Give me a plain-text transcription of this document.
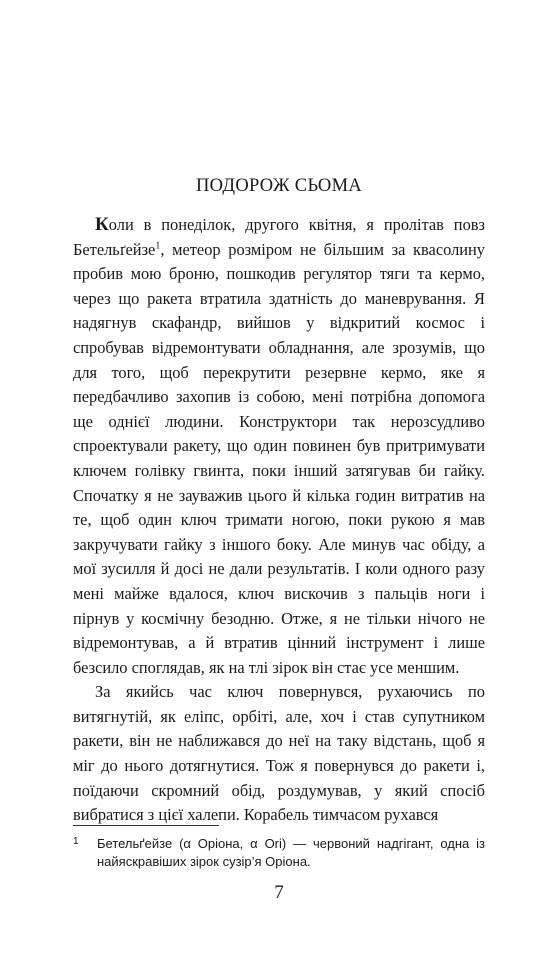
ПОДОРОЖ СЬОМА

Коли в понеділок, другого квітня, я пролітав повз Бетельґейзе$^1$, метеор розміром не більшим за квасолину пробив мою броню, пошкодив регулятор тяги та кермо, через що ракета втратила здатність до маневрування. Я надягнув скафандр, вийшов у відкритий космос і спробував відремонтувати обладнання, але зрозумів, що для того, щоб перекрутити резервне кермо, яке я передбачливо захопив із собою, мені потрібна допомога ще однієї людини. Конструктори так нерозсудливо спроектували ракету, що один повинен був притримувати ключем голівку гвинта, поки інший затягував би гайку. Спочатку я не зауважив цього й кілька годин витратив на те, щоб один ключ тримати ногою, поки рукою я мав закручувати гайку з іншого боку. Але минув час обіду, а мої зусилля й досі не дали результатів. І коли одного разу мені майже вдалося, ключ вискочив з пальців ноги і пірнув у космічну безодню. Отже, я не тільки нічого не відремонтував, а й втратив цінний інструмент і лише безсило споглядав, як на тлі зірок він стає усе меншим.

За якийсь час ключ повернувся, рухаючись по витягнутій, як еліпс, орбіті, але, хоч і став супутником ракети, він не наближався до неї на таку відстань, щоб я міг до нього дотягнутися. Тож я повернувся до ракети і, поїдаючи скромний обід, роздумував, у який спосіб вибратися з цієї халепи. Корабель тимчасом рухався

1 Бетельґейзе (α Оріона, α Ori) — червоний надгігант, одна із найяскравіших зірок сузір’я Оріона.
7
